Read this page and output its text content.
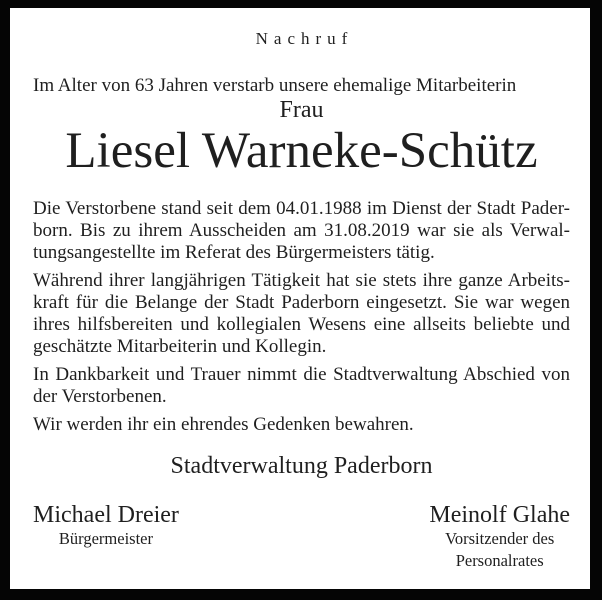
Nachruf
Im Alter von 63 Jahren verstarb unsere ehemalige Mitarbeiterin
Frau
Liesel Warneke-Schütz
Die Verstorbene stand seit dem 04.01.1988 im Dienst der Stadt Pader-
born. Bis zu ihrem Ausscheiden am 31.08.2019 war sie als Verwal-
tungsangestellte im Referat des Bürgermeisters tätig.
Während ihrer langjährigen Tätigkeit hat sie stets ihre ganze Arbeits-
kraft für die Belange der Stadt Paderborn eingesetzt. Sie war wegen
ihres hilfsbereiten und kollegialen Wesens eine allseits beliebte und
geschätzte Mitarbeiterin und Kollegin.
In Dankbarkeit und Trauer nimmt die Stadtverwaltung Abschied von
der Verstorbenen.
Wir werden ihr ein ehrendes Gedenken bewahren.
Stadtverwaltung Paderborn
Michael Dreier
Bürgermeister
Meinolf Glahe
Vorsitzender des
Personalrates
